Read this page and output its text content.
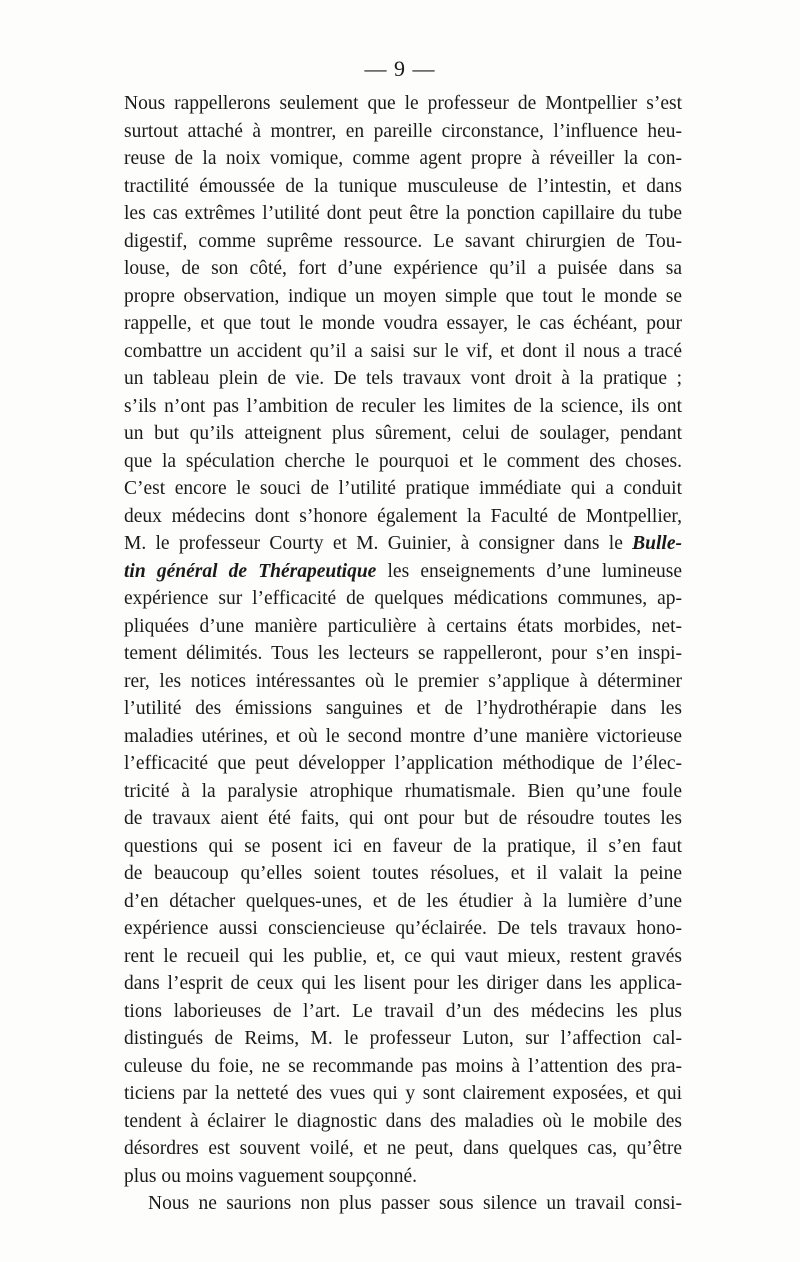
— 9 —
Nous rappellerons seulement que le professeur de Montpellier s’est
surtout attaché à montrer, en pareille circonstance, l’influence heu-
reuse de la noix vomique, comme agent propre à réveiller la con-
tractilité émoussée de la tunique musculeuse de l’intestin, et dans
les cas extrêmes l’utilité dont peut être la ponction capillaire du tube
digestif, comme suprême ressource. Le savant chirurgien de Tou-
louse, de son côté, fort d’une expérience qu’il a puisée dans sa
propre observation, indique un moyen simple que tout le monde se
rappelle, et que tout le monde voudra essayer, le cas échéant, pour
combattre un accident qu’il a saisi sur le vif, et dont il nous a tracé
un tableau plein de vie. De tels travaux vont droit à la pratique ;
s’ils n’ont pas l’ambition de reculer les limites de la science, ils ont
un but qu’ils atteignent plus sûrement, celui de soulager, pendant
que la spéculation cherche le pourquoi et le comment des choses.
C’est encore le souci de l’utilité pratique immédiate qui a conduit
deux médecins dont s’honore également la Faculté de Montpellier,
M. le professeur Courty et M. Guinier, à consigner dans le Bulle-
tin général de Thérapeutique les enseignements d’une lumineuse
expérience sur l’efficacité de quelques médications communes, ap-
pliquées d’une manière particulière à certains états morbides, net-
tement délimités. Tous les lecteurs se rappelleront, pour s’en inspi-
rer, les notices intéressantes où le premier s’applique à déterminer
l’utilité des émissions sanguines et de l’hydrothérapie dans les
maladies utérines, et où le second montre d’une manière victorieuse
l’efficacité que peut développer l’application méthodique de l’élec-
tricité à la paralysie atrophique rhumatismale. Bien qu’une foule
de travaux aient été faits, qui ont pour but de résoudre toutes les
questions qui se posent ici en faveur de la pratique, il s’en faut
de beaucoup qu’elles soient toutes résolues, et il valait la peine
d’en détacher quelques-unes, et de les étudier à la lumière d’une
expérience aussi consciencieuse qu’éclairée. De tels travaux hono-
rent le recueil qui les publie, et, ce qui vaut mieux, restent gravés
dans l’esprit de ceux qui les lisent pour les diriger dans les applica-
tions laborieuses de l’art. Le travail d’un des médecins les plus
distingués de Reims, M. le professeur Luton, sur l’affection cal-
culeuse du foie, ne se recommande pas moins à l’attention des pra-
ticiens par la netteté des vues qui y sont clairement exposées, et qui
tendent à éclairer le diagnostic dans des maladies où le mobile des
désordres est souvent voilé, et ne peut, dans quelques cas, qu’être
plus ou moins vaguement soupçonné.
Nous ne saurions non plus passer sous silence un travail consi-
